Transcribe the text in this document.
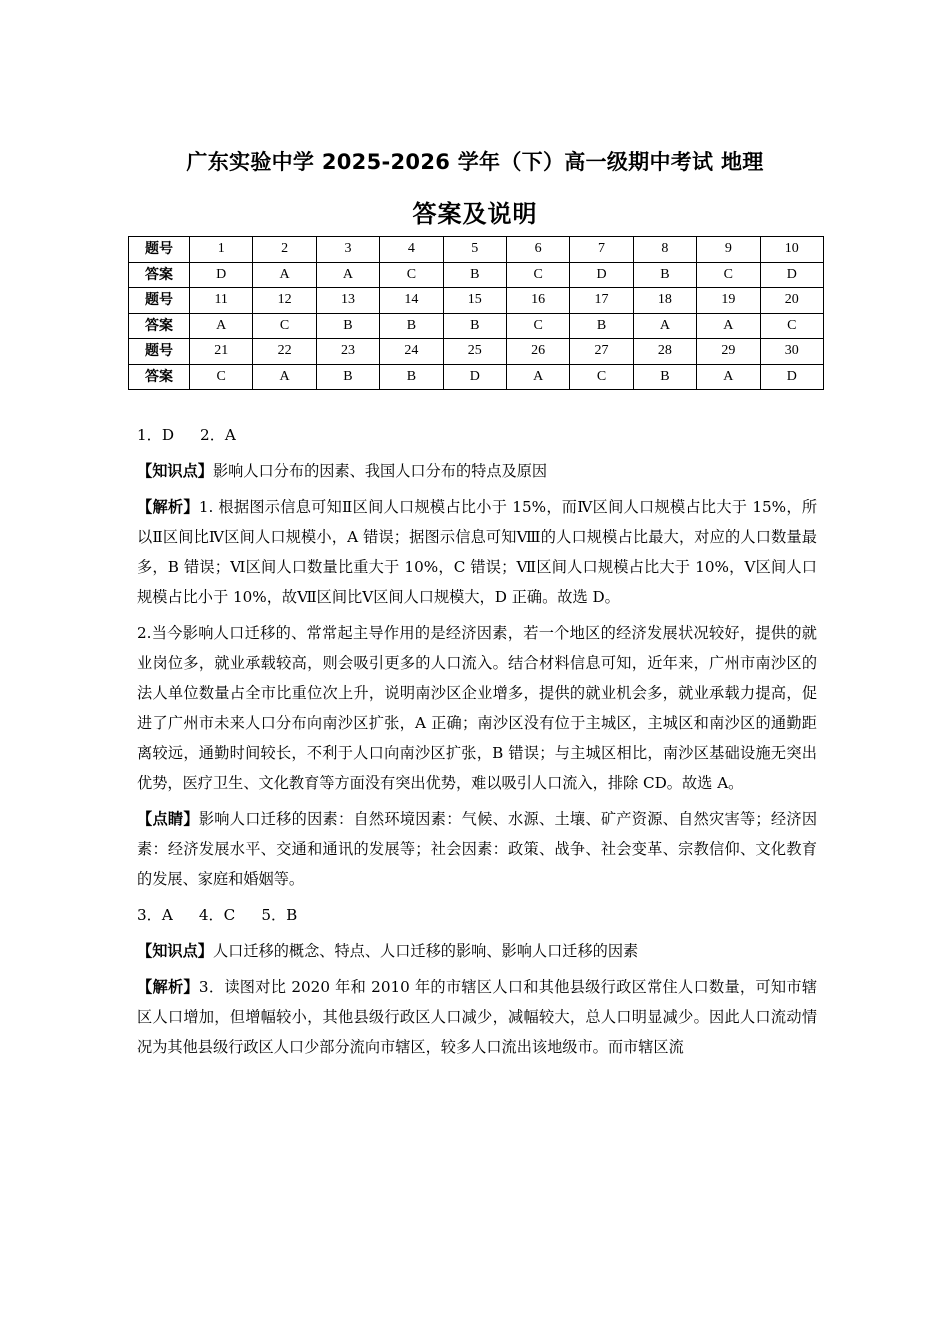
广东实验中学 2025-2026 学年（下）高一级期中考试 地理
答案及说明
题号	1	2	3	4	5	6	7	8	9	10
答案	D	A	A	C	B	C	D	B	C	D
题号	11	12	13	14	15	16	17	18	19	20
答案	A	C	B	B	B	C	B	A	A	C
题号	21	22	23	24	25	26	27	28	29	30
答案	C	A	B	B	D	A	C	B	A	D

1．D 2．A

【知识点】影响人口分布的因素、我国人口分布的特点及原因

【解析】1. 根据图示信息可知Ⅱ区间人口规模占比小于 15%，而Ⅳ区间人口规模占比大于 15%，所以Ⅱ区间比Ⅳ区间人口规模小，A 错误；据图示信息可知Ⅷ的人口规模占比最大，对应的人口数量最多，B 错误；Ⅵ区间人口数量比重大于 10%，C 错误；Ⅶ区间人口规模占比大于 10%，Ⅴ区间人口规模占比小于 10%，故Ⅶ区间比Ⅴ区间人口规模大，D 正确。故选 D。

2.当今影响人口迁移的、常常起主导作用的是经济因素，若一个地区的经济发展状况较好，提供的就业岗位多，就业承载较高，则会吸引更多的人口流入。结合材料信息可知，近年来，广州市南沙区的法人单位数量占全市比重位次上升，说明南沙区企业增多，提供的就业机会多，就业承载力提高，促进了广州市未来人口分布向南沙区扩张，A 正确；南沙区没有位于主城区，主城区和南沙区的通勤距离较远，通勤时间较长，不利于人口向南沙区扩张，B 错误；与主城区相比，南沙区基础设施无突出优势，医疗卫生、文化教育等方面没有突出优势，难以吸引人口流入，排除 CD。故选 A。

【点睛】影响人口迁移的因素：自然环境因素：气候、水源、土壤、矿产资源、自然灾害等；经济因素：经济发展水平、交通和通讯的发展等；社会因素：政策、战争、社会变革、宗教信仰、文化教育的发展、家庭和婚姻等。

3．A 4．C 5．B

【知识点】人口迁移的概念、特点、人口迁移的影响、影响人口迁移的因素

【解析】3．读图对比 2020 年和 2010 年的市辖区人口和其他县级行政区常住人口数量，可知市辖区人口增加，但增幅较小，其他县级行政区人口减少，减幅较大，总人口明显减少。因此人口流动情况为其他县级行政区人口少部分流向市辖区，较多人口流出该地级市。而市辖区流
